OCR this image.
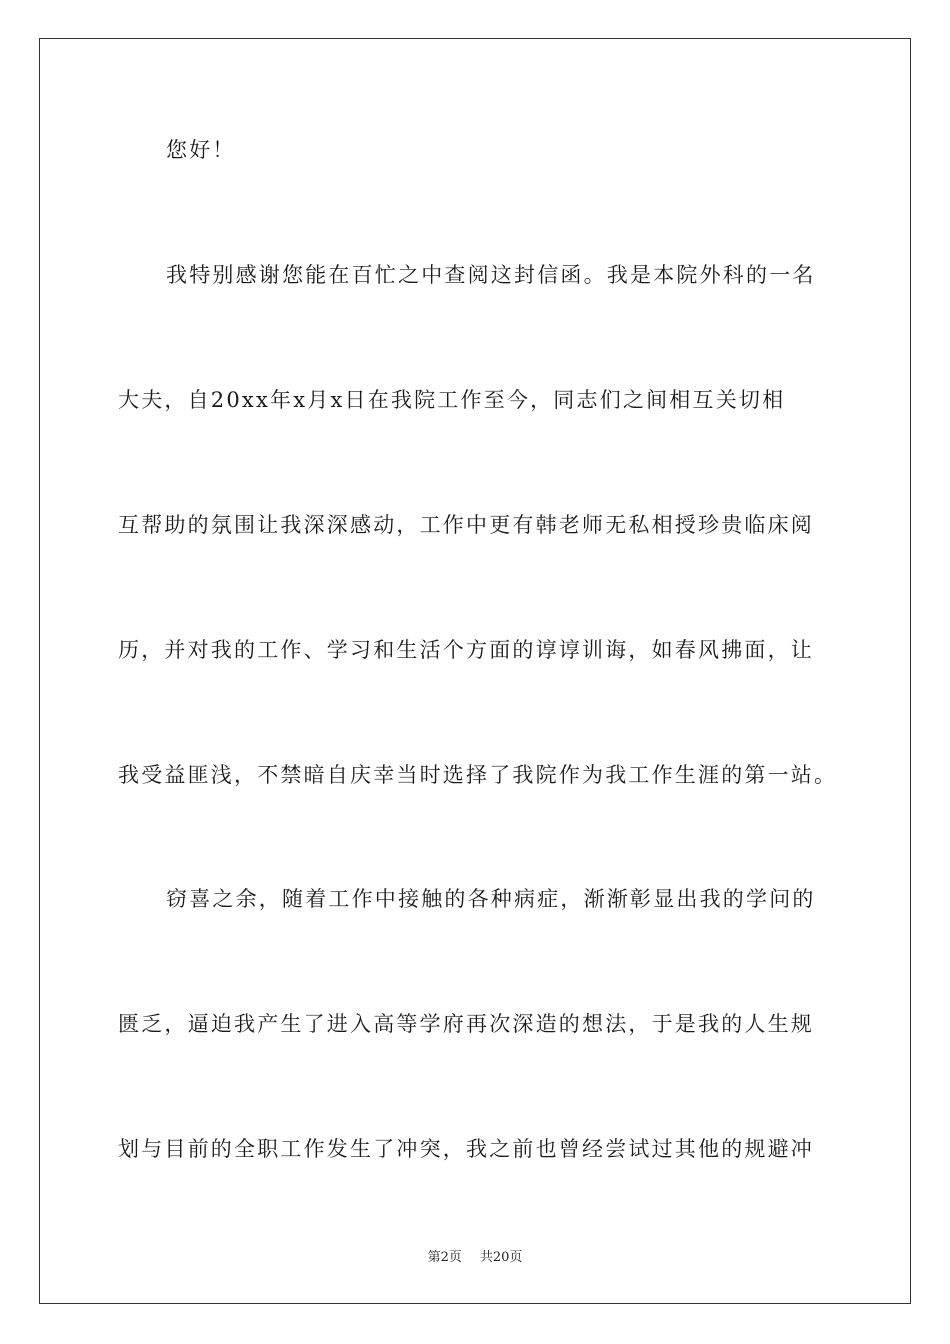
您好！
我特别感谢您能在百忙之中查阅这封信函。我是本院外科的一名
大夫，自20xx年x月x日在我院工作至今，同志们之间相互关切相
互帮助的氛围让我深深感动，工作中更有韩老师无私相授珍贵临床阅
历，并对我的工作、学习和生活个方面的谆谆训诲，如春风拂面，让
我受益匪浅，不禁暗自庆幸当时选择了我院作为我工作生涯的第一站。
窃喜之余，随着工作中接触的各种病症，渐渐彰显出我的学问的
匮乏，逼迫我产生了进入高等学府再次深造的想法，于是我的人生规
划与目前的全职工作发生了冲突，我之前也曾经尝试过其他的规避冲
第2页 共20页
